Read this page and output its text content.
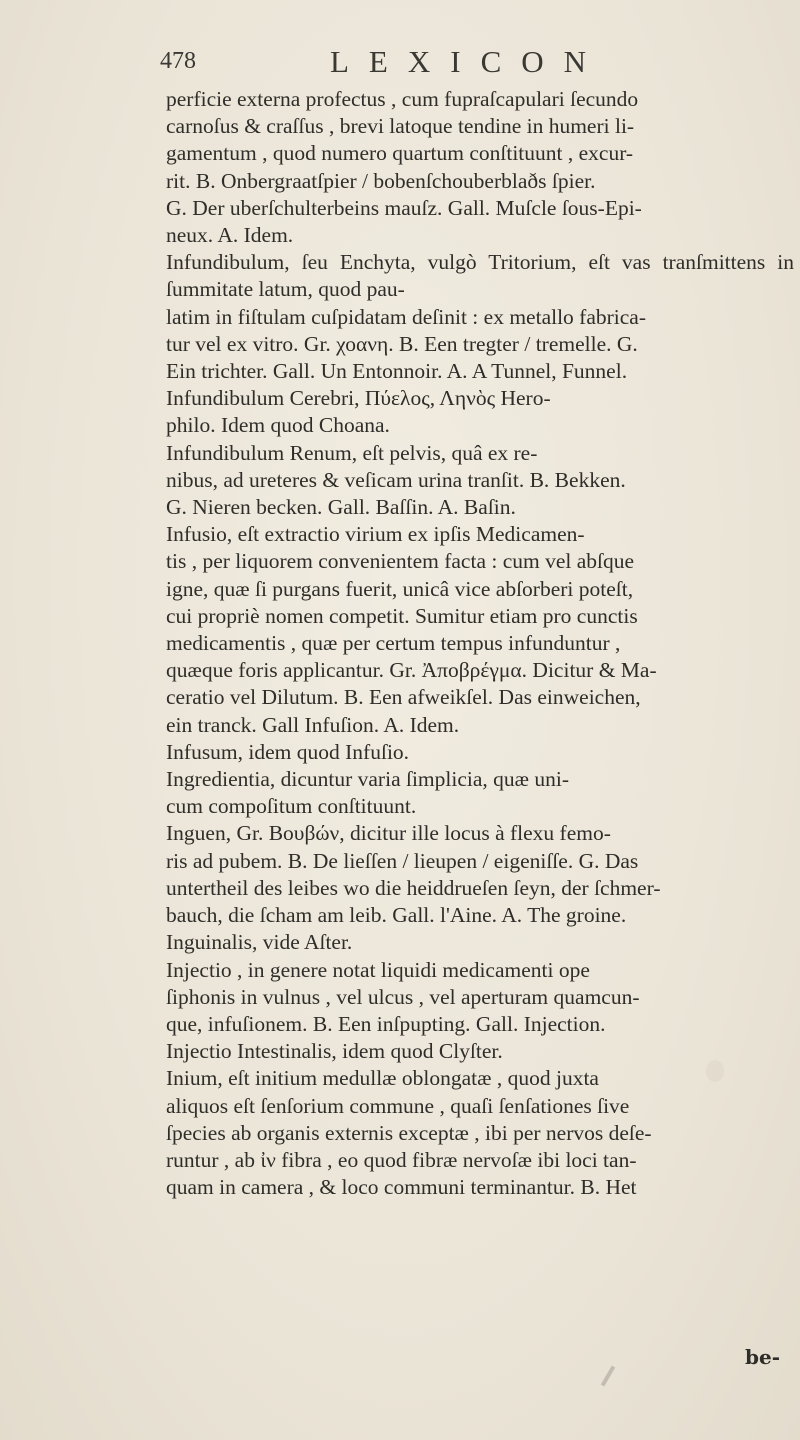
478	LEXICON

perficie externa profectus , cum fupraſcapulari ſecundo
carnoſus & craſſus , brevi latoque tendine in humeri li-
gamentum , quod numero quartum conſtituunt , excur-
rit. B. Onbergraatſpier / bobenſchouberblaðs ſpier.
G. Der uberſchulterbeins mauſz. Gall. Muſcle ſous-Epi-
neux. A. Idem.

Infundibulum, ſeu Enchyta, vulgò Tritorium, eſt vas tranſmittens in ſummitate latum, quod pau-
latim in fiſtulam cuſpidatam deſinit : ex metallo fabrica-
tur vel ex vitro. Gr. χοανη. B. Een tregter / tremelle. G.
Ein trichter. Gall. Un Entonnoir. A. A Tunnel, Funnel.

Infundibulum Cerebri, Πύελος, Ληνὸς Hero-
philo. Idem quod Choana.

Infundibulum Renum, eſt pelvis, quâ ex re-
nibus, ad ureteres & veſicam urina tranſit. B. Bekken.
G. Nieren becken. Gall. Baſſin. A. Baſin.

Infusio, eſt extractio virium ex ipſis Medicamen-
tis , per liquorem convenientem facta : cum vel abſque
igne, quæ ſi purgans fuerit, unicâ vice abſorberi poteſt,
cui propriè nomen competit. Sumitur etiam pro cunctis
medicamentis , quæ per certum tempus infunduntur ,
quæque foris applicantur. Gr. Ἀποβρέγμα. Dicitur & Ma-
ceratio vel Dilutum. B. Een afweikſel. Das einweichen,
ein tranck. Gall Infuſion. A. Idem.

Infusum, idem quod Infuſio.

Ingredientia, dicuntur varia ſimplicia, quæ uni-
cum compoſitum conſtituunt.

Inguen, Gr. Βουβών, dicitur ille locus à flexu femo-
ris ad pubem. B. De lieſſen / lieupen / eigeniſſe. G. Das
untertheil des leibes wo die heiddrueſen ſeyn, der ſchmer-
bauch, die ſcham am leib. Gall. l'Aine. A. The groine.

Inguinalis, vide Aſter.

Injectio , in genere notat liquidi medicamenti ope
ſiphonis in vulnus , vel ulcus , vel aperturam quamcun-
que, infuſionem. B. Een inſpupting. Gall. Injection.

Injectio Intestinalis, idem quod Clyſter.

Inium, eſt initium medullæ oblongatæ , quod juxta
aliquos eſt ſenſorium commune , quaſi ſenſationes ſive
ſpecies ab organis externis exceptæ , ibi per nervos deſe-
runtur , ab ἰν fibra , eo quod fibræ nervoſæ ibi loci tan-
quam in camera , & loco communi terminantur. B. Het

be-
